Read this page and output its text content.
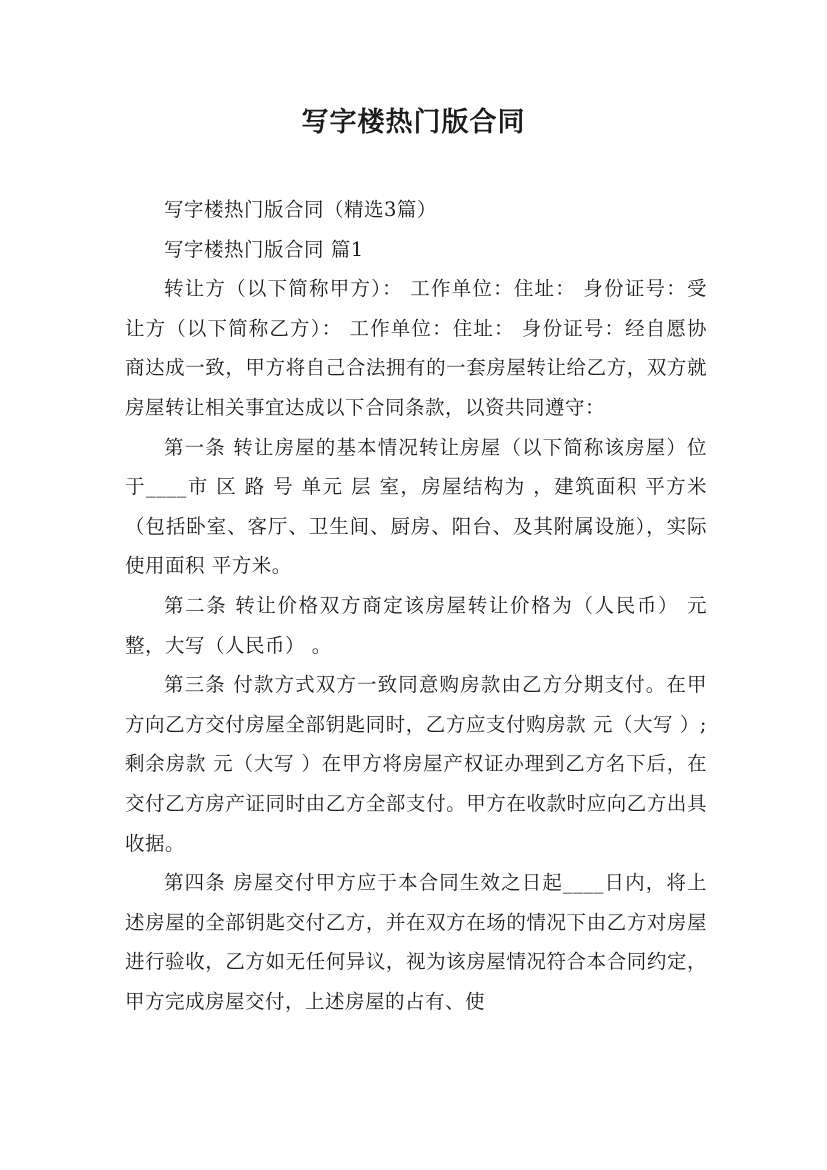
写字楼热门版合同

写字楼热门版合同（精选3篇）

写字楼热门版合同 篇1

转让方（以下简称甲方）： 工作单位：住址： 身份证号：受让方（以下简称乙方）： 工作单位：住址： 身份证号：经自愿协商达成一致，甲方将自己合法拥有的一套房屋转让给乙方，双方就房屋转让相关事宜达成以下合同条款，以资共同遵守：

第一条 转让房屋的基本情况转让房屋（以下简称该房屋）位于____市 区 路 号 单元 层 室，房屋结构为 ，建筑面积 平方米（包括卧室、客厅、卫生间、厨房、阳台、及其附属设施），实际使用面积 平方米。

第二条 转让价格双方商定该房屋转让价格为（人民币） 元整，大写（人民币） 。

第三条 付款方式双方一致同意购房款由乙方分期支付。在甲方向乙方交付房屋全部钥匙同时，乙方应支付购房款 元（大写 ）;剩余房款 元（大写 ）在甲方将房屋产权证办理到乙方名下后，在交付乙方房产证同时由乙方全部支付。甲方在收款时应向乙方出具收据。

第四条 房屋交付甲方应于本合同生效之日起____日内，将上述房屋的全部钥匙交付乙方，并在双方在场的情况下由乙方对房屋进行验收，乙方如无任何异议，视为该房屋情况符合本合同约定，甲方完成房屋交付，上述房屋的占有、使
